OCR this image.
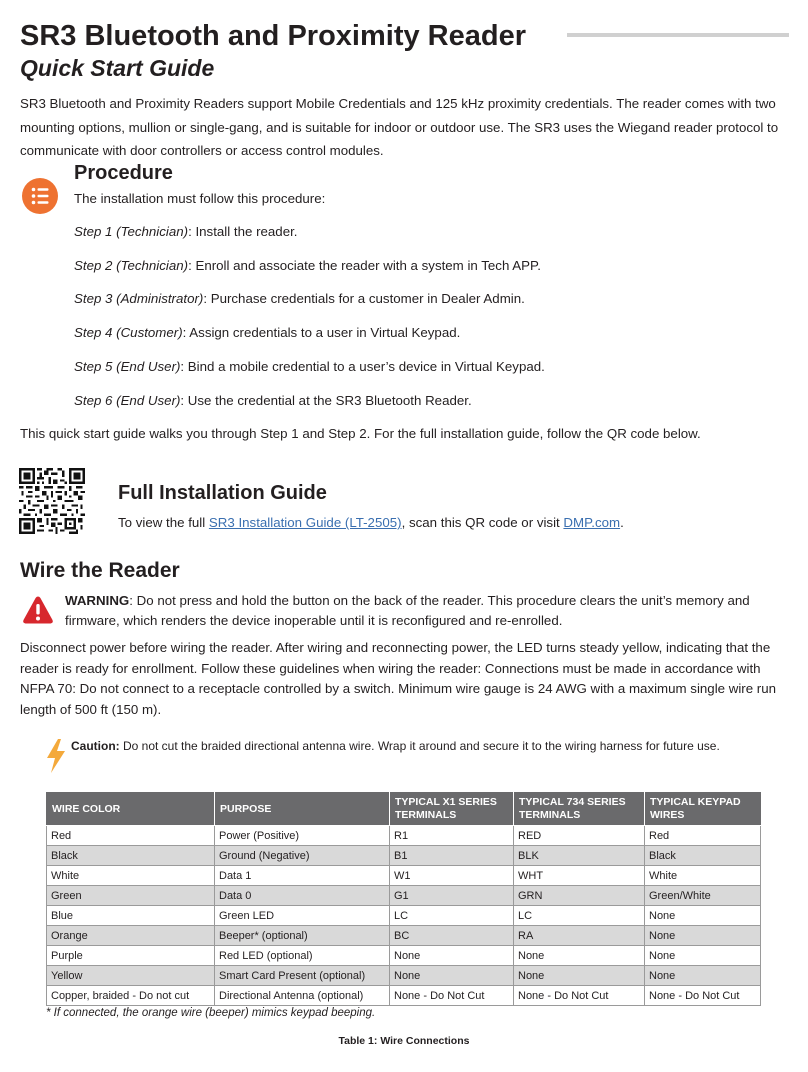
SR3 Bluetooth and Proximity Reader
Quick Start Guide

SR3 Bluetooth and Proximity Readers support Mobile Credentials and 125 kHz proximity credentials. The reader comes with two mounting options, mullion or single-gang, and is suitable for indoor or outdoor use. The SR3 uses the Wiegand reader protocol to communicate with door controllers or access control modules.

Procedure

The installation must follow this procedure:

Step 1 (Technician): Install the reader.

Step 2 (Technician): Enroll and associate the reader with a system in Tech APP.

Step 3 (Administrator): Purchase credentials for a customer in Dealer Admin.

Step 4 (Customer): Assign credentials to a user in Virtual Keypad.

Step 5 (End User): Bind a mobile credential to a user’s device in Virtual Keypad.

Step 6 (End User): Use the credential at the SR3 Bluetooth Reader.

This quick start guide walks you through Step 1 and Step 2. For the full installation guide, follow the QR code below.

Full Installation Guide

To view the full SR3 Installation Guide (LT-2505), scan this QR code or visit DMP.com.

Wire the Reader

WARNING: Do not press and hold the button on the back of the reader. This procedure clears the unit’s memory and firmware, which renders the device inoperable until it is reconfigured and re-enrolled.

Disconnect power before wiring the reader. After wiring and reconnecting power, the LED turns steady yellow, indicating that the reader is ready for enrollment. Follow these guidelines when wiring the reader: Connections must be made in accordance with NFPA 70: Do not connect to a receptacle controlled by a switch. Minimum wire gauge is 24 AWG with a maximum single wire run length of 500 ft (150 m).

Caution: Do not cut the braided directional antenna wire. Wrap it around and secure it to the wiring harness for future use.

WIRE COLOR	PURPOSE	TYPICAL X1 SERIES TERMINALS	TYPICAL 734 SERIES TERMINALS	TYPICAL KEYPAD WIRES
Red	Power (Positive)	R1	RED	Red
Black	Ground (Negative)	B1	BLK	Black
White	Data 1	W1	WHT	White
Green	Data 0	G1	GRN	Green/White
Blue	Green LED	LC	LC	None
Orange	Beeper* (optional)	BC	RA	None
Purple	Red LED (optional)	None	None	None
Yellow	Smart Card Present (optional)	None	None	None
Copper, braided - Do not cut	Directional Antenna (optional)	None - Do Not Cut	None - Do Not Cut	None - Do Not Cut

* If connected, the orange wire (beeper) mimics keypad beeping.

Table 1: Wire Connections
